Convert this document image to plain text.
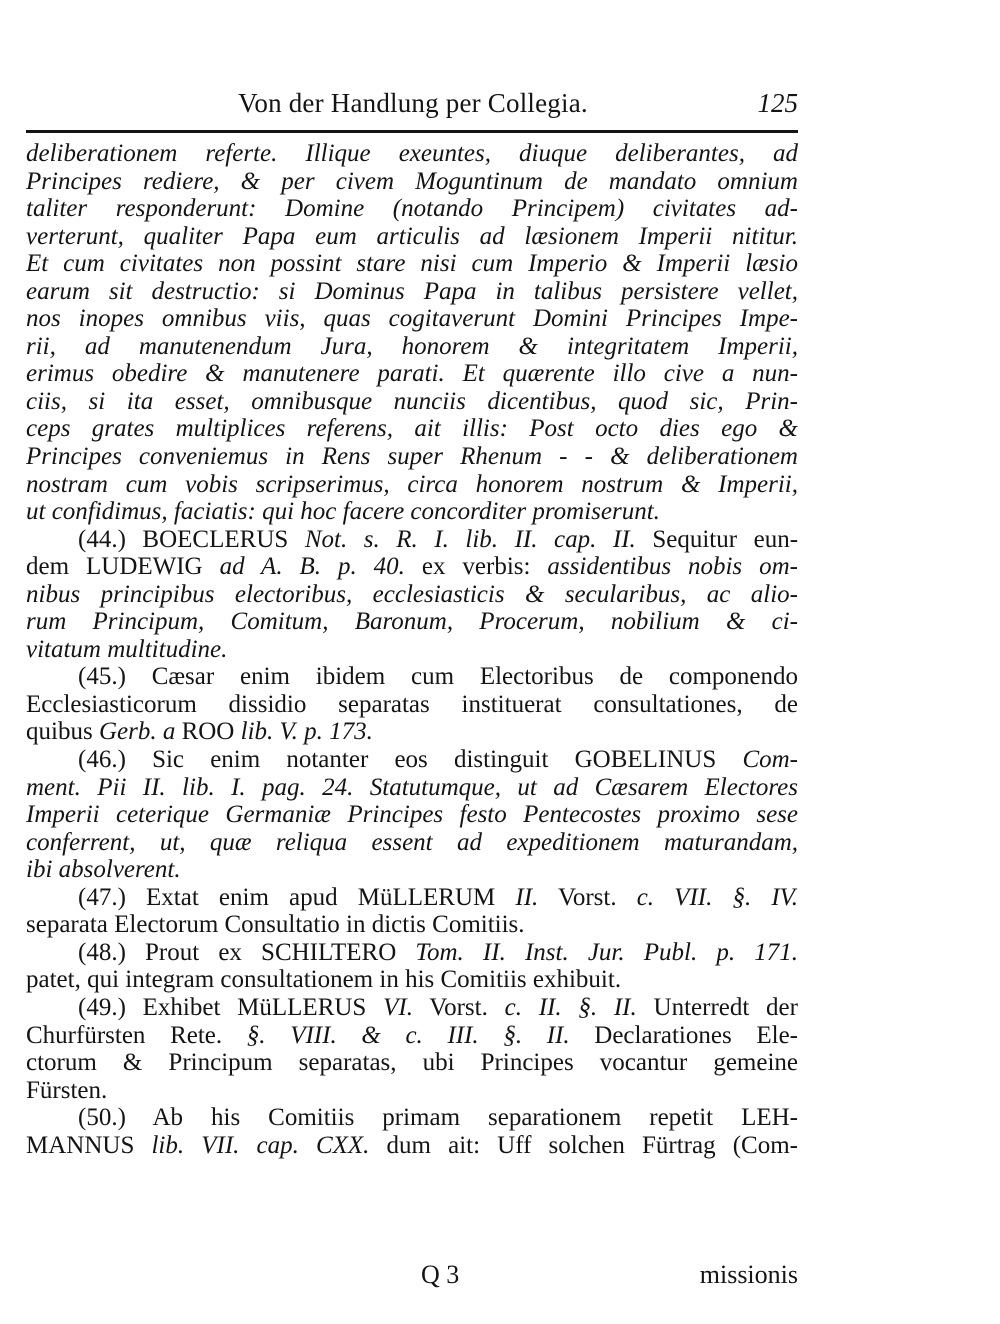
Von der Handlung per Collegia.	125
deliberationem referte. Illique exeuntes, diuque deliberantes, ad
Principes rediere, & per civem Moguntinum de mandato omnium
taliter responderunt: Domine (notando Principem) civitates ad-
verterunt, qualiter Papa eum articulis ad læsionem Imperii nititur.
Et cum civitates non possint stare nisi cum Imperio & Imperii læsio
earum sit destructio: si Dominus Papa in talibus persistere vellet,
nos inopes omnibus viis, quas cogitaverunt Domini Principes Impe-
rii, ad manutenendum Jura, honorem & integritatem Imperii,
erimus obedire & manutenere parati. Et quærente illo cive a nun-
ciis, si ita esset, omnibusque nunciis dicentibus, quod sic, Prin-
ceps grates multiplices referens, ait illis: Post octo dies ego &
Principes conveniemus in Rens super Rhenum - - & deliberationem
nostram cum vobis scripserimus, circa honorem nostrum & Imperii,
ut confidimus, faciatis: qui hoc facere concorditer promiserunt.
(44.) BOECLERUS Not. s. R. I. lib. II. cap. II. Sequitur eun-
dem LUDEWIG ad A. B. p. 40. ex verbis: assidentibus nobis om-
nibus principibus electoribus, ecclesiasticis & secularibus, ac alio-
rum Principum, Comitum, Baronum, Procerum, nobilium & ci-
vitatum multitudine.
(45.) Cæsar enim ibidem cum Electoribus de componendo
Ecclesiasticorum dissidio separatas instituerat consultationes, de
quibus Gerb. a ROO lib. V. p. 173.
(46.) Sic enim notanter eos distinguit GOBELINUS Com-
ment. Pii II. lib. I. pag. 24. Statutumque, ut ad Cæsarem Electores
Imperii ceterique Germaniæ Principes festo Pentecostes proximo sese
conferrent, ut, quæ reliqua essent ad expeditionem maturandam,
ibi absolverent.
(47.) Extat enim apud MüLLERUM II. Vorst. c. VII. §. IV.
separata Electorum Consultatio in dictis Comitiis.
(48.) Prout ex SCHILTERO Tom. II. Inst. Jur. Publ. p. 171.
patet, qui integram consultationem in his Comitiis exhibuit.
(49.) Exhibet MüLLERUS VI. Vorst. c. II. §. II. Unterredt der
Churfürsten Rete. §. VIII. & c. III. §. II. Declarationes Ele-
ctorum & Principum separatas, ubi Principes vocantur gemeine
Fürsten.
(50.) Ab his Comitiis primam separationem repetit LEH-
MANNUS lib. VII. cap. CXX. dum ait: Uff solchen Fürtrag (Com-
Q 3	missionis
